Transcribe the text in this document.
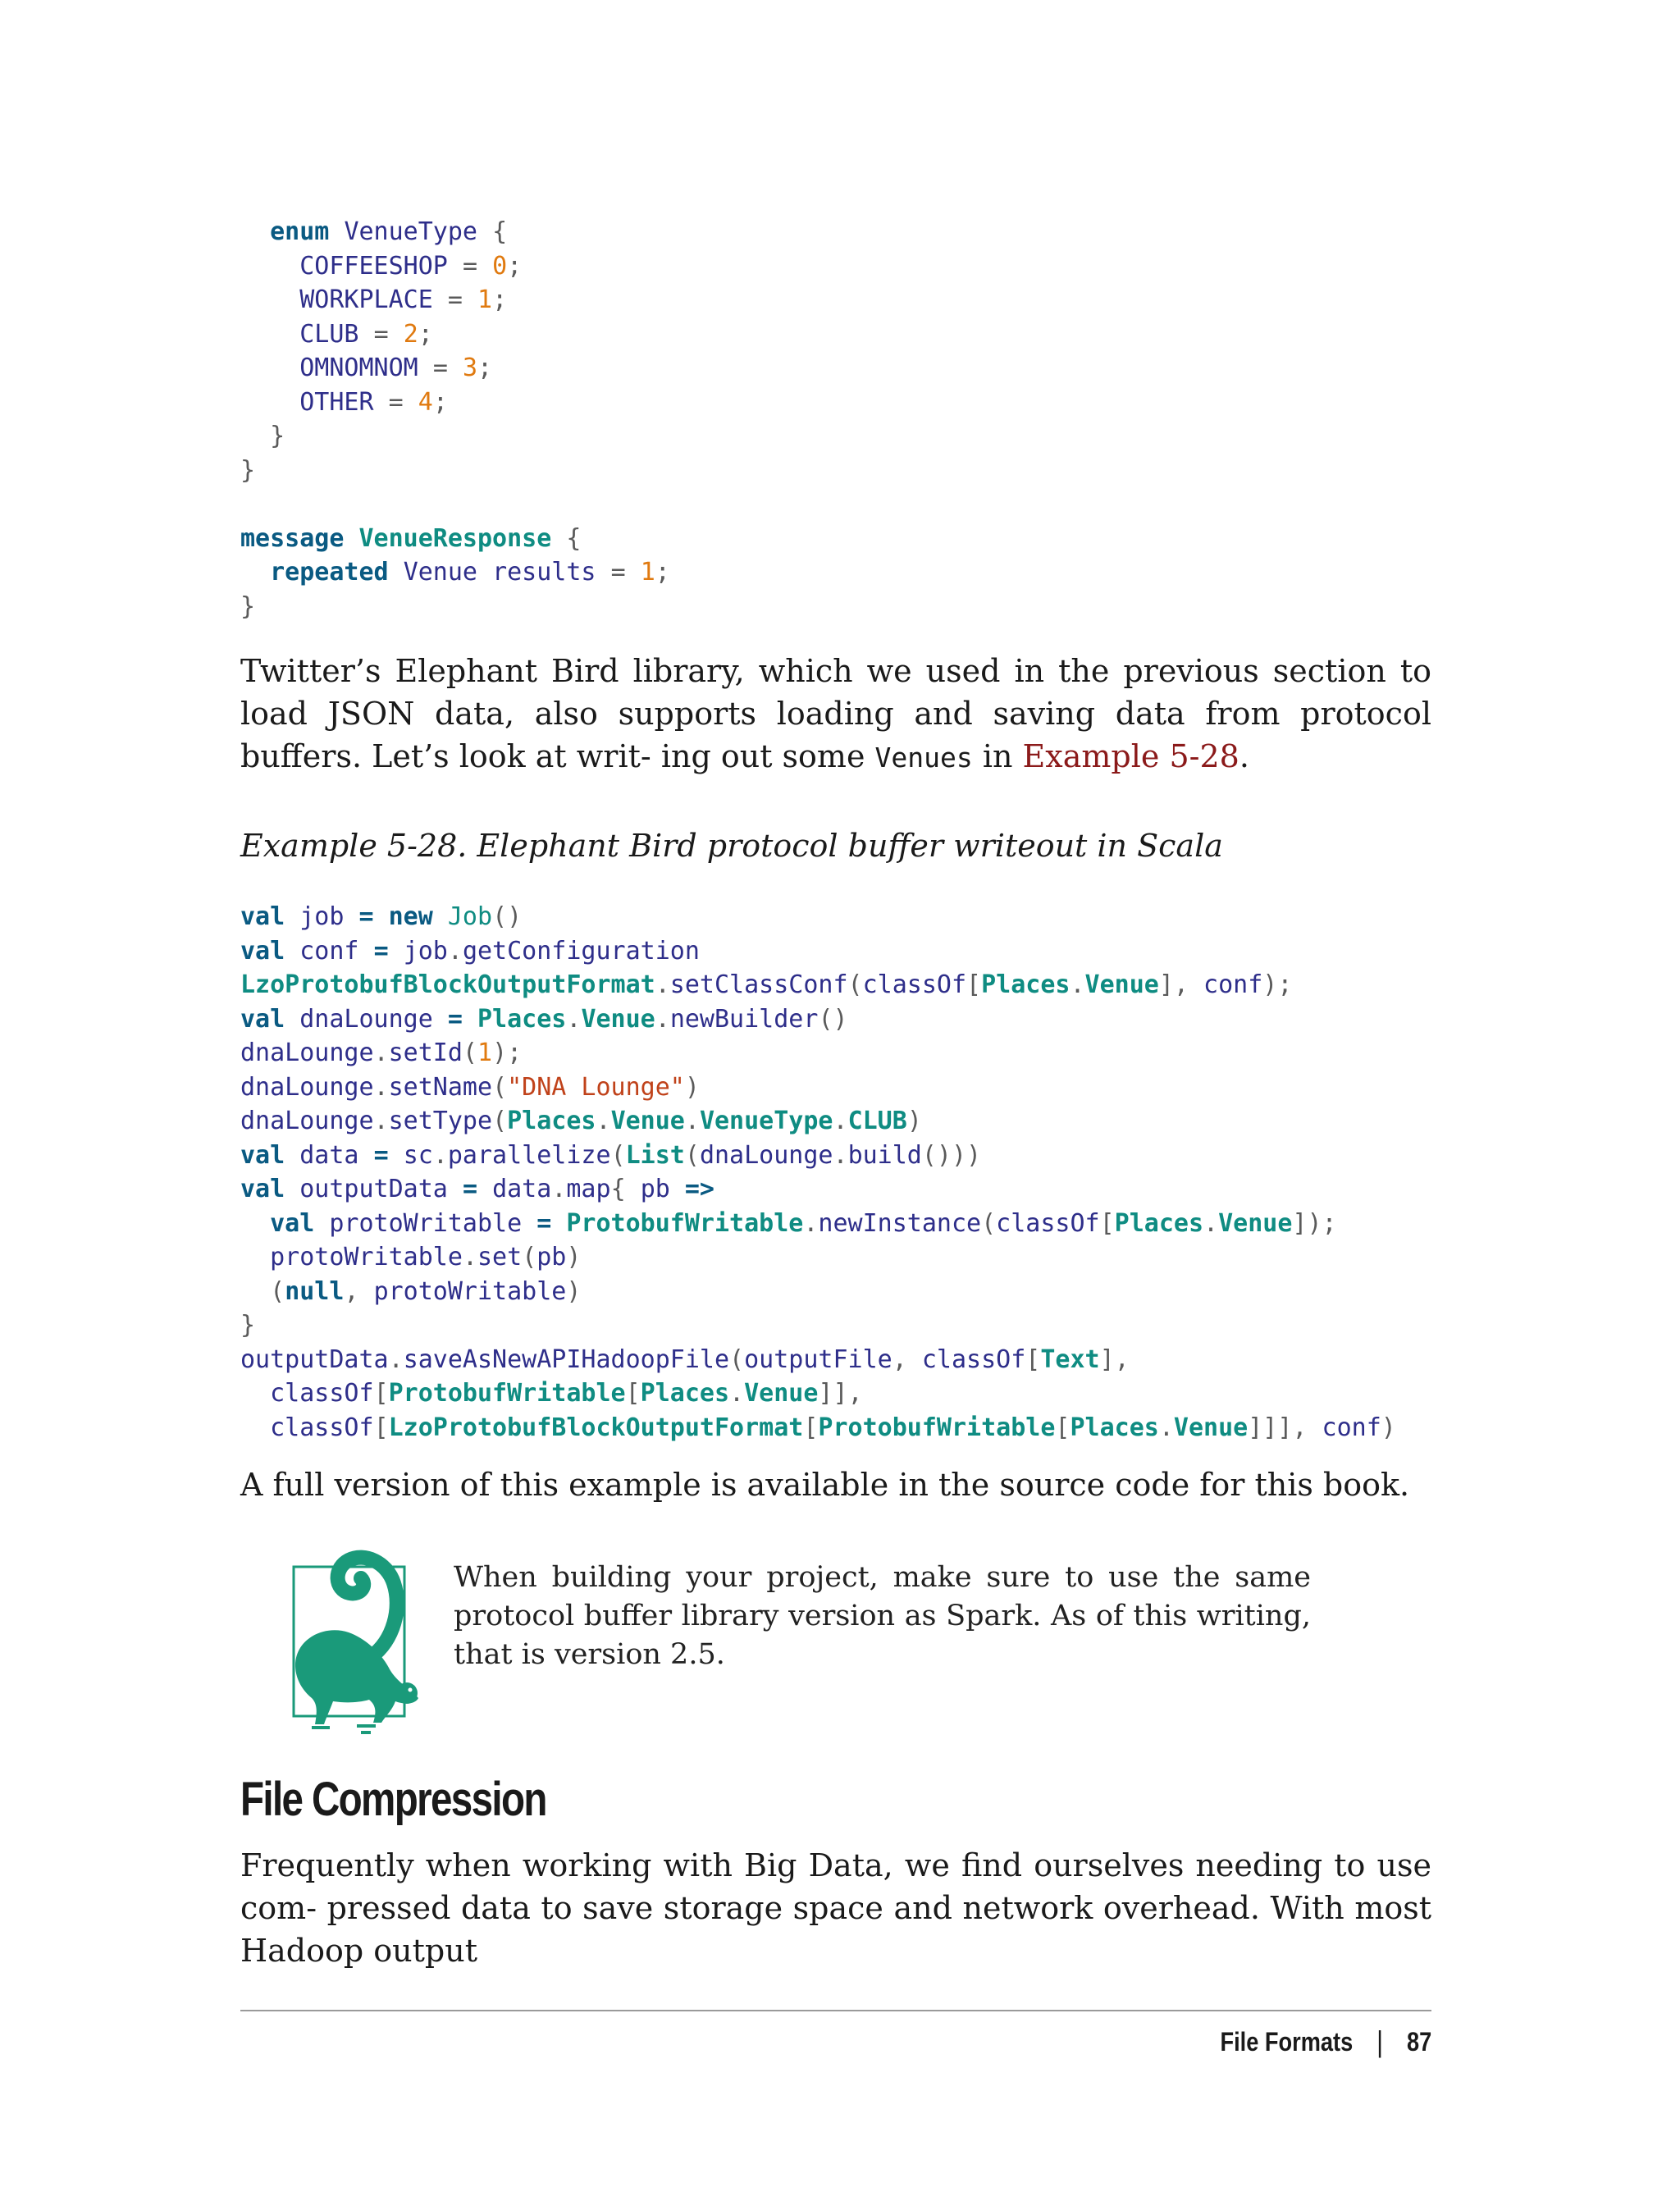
enum VenueType {
COFFEESHOP = 0;
WORKPLACE = 1;
CLUB = 2;
OMNOMNOM = 3;
OTHER = 4;
}
}

message VenueResponse {
repeated Venue results = 1;
}

Twitter’s Elephant Bird library, which we used in the previous section to load JSON data, also supports loading and saving data from protocol buffers. Let’s look at writ- ing out some Venues in Example 5-28.

Example 5-28. Elephant Bird protocol buffer writeout in Scala

val job = new Job()
val conf = job.getConfiguration
LzoProtobufBlockOutputFormat.setClassConf(classOf[Places.Venue], conf);
val dnaLounge = Places.Venue.newBuilder()
dnaLounge.setId(1);
dnaLounge.setName("DNA Lounge")
dnaLounge.setType(Places.Venue.VenueType.CLUB)
val data = sc.parallelize(List(dnaLounge.build()))
val outputData = data.map{ pb =>
val protoWritable = ProtobufWritable.newInstance(classOf[Places.Venue]);
protoWritable.set(pb)
(null, protoWritable)
}
outputData.saveAsNewAPIHadoopFile(outputFile, classOf[Text],
classOf[ProtobufWritable[Places.Venue]],
classOf[LzoProtobufBlockOutputFormat[ProtobufWritable[Places.Venue]]], conf)

A full version of this example is available in the source code for this book.

When building your project, make sure to use the same protocol buffer library version as Spark. As of this writing, that is version 2.5.

File Compression

Frequently when working with Big Data, we find ourselves needing to use com- pressed data to save storage space and network overhead. With most Hadoop output

File Formats | 87
